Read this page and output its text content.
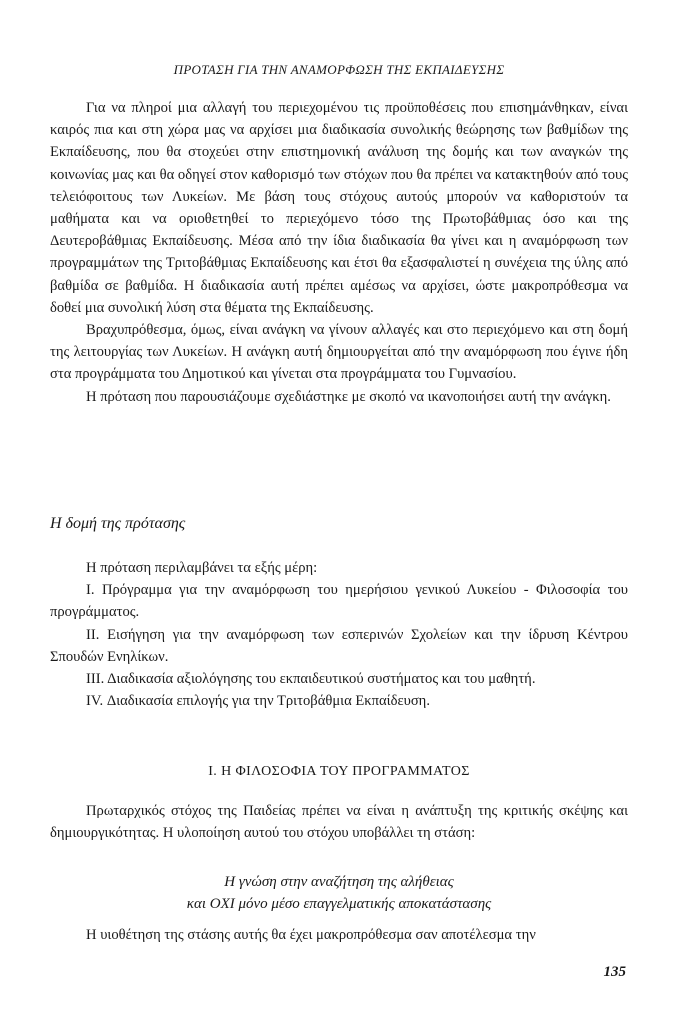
ΠΡΟΤΑΣΗ ΓΙΑ ΤΗΝ ΑΝΑΜΟΡΦΩΣΗ ΤΗΣ ΕΚΠΑΙΔΕΥΣΗΣ

Για να πληροί μια αλλαγή του περιεχομένου τις προϋποθέσεις που επισημάνθηκαν, είναι καιρός πια και στη χώρα μας να αρχίσει μια διαδικασία συνολικής θεώρησης των βαθμίδων της Εκπαίδευσης, που θα στοχεύει στην επιστημονική ανάλυση της δομής και των αναγκών της κοινωνίας μας και θα οδηγεί στον καθορισμό των στόχων που θα πρέπει να κατακτηθούν από τους τελειόφοιτους των Λυκείων. Με βάση τους στόχους αυτούς μπορούν να καθοριστούν τα μαθήματα και να οριοθετηθεί το περιεχόμενο τόσο της Πρωτοβάθμιας όσο και της Δευτεροβάθμιας Εκπαίδευσης. Μέσα από την ίδια διαδικασία θα γίνει και η αναμόρφωση των προγραμμάτων της Τριτοβάθμιας Εκπαίδευσης και έτσι θα εξασφαλιστεί η συνέχεια της ύλης από βαθμίδα σε βαθμίδα. Η διαδικασία αυτή πρέπει αμέσως να αρχίσει, ώστε μακροπρόθεσμα να δοθεί μια συνολική λύση στα θέματα της Εκπαίδευσης.

Βραχυπρόθεσμα, όμως, είναι ανάγκη να γίνουν αλλαγές και στο περιεχόμενο και στη δομή της λειτουργίας των Λυκείων. Η ανάγκη αυτή δημιουργείται από την αναμόρφωση που έγινε ήδη στα προγράμματα του Δημοτικού και γίνεται στα προγράμματα του Γυμνασίου.

Η πρόταση που παρουσιάζουμε σχεδιάστηκε με σκοπό να ικανοποιήσει αυτή την ανάγκη.

Η δομή της πρότασης

Η πρόταση περιλαμβάνει τα εξής μέρη:

Ι. Πρόγραμμα για την αναμόρφωση του ημερήσιου γενικού Λυκείου - Φιλοσοφία του προγράμματος.

ΙΙ. Εισήγηση για την αναμόρφωση των εσπερινών Σχολείων και την ίδρυση Κέντρου Σπουδών Ενηλίκων.

ΙΙΙ. Διαδικασία αξιολόγησης του εκπαιδευτικού συστήματος και του μαθητή.

ΙV. Διαδικασία επιλογής για την Τριτοβάθμια Εκπαίδευση.

Ι. Η ΦΙΛΟΣΟΦΙΑ ΤΟΥ ΠΡΟΓΡΑΜΜΑΤΟΣ

Πρωταρχικός στόχος της Παιδείας πρέπει να είναι η ανάπτυξη της κριτικής σκέψης και δημιουργικότητας. Η υλοποίηση αυτού του στόχου υποβάλλει τη στάση:

Η γνώση στην αναζήτηση της αλήθειας
και ΟΧΙ μόνο μέσο επαγγελματικής αποκατάστασης

Η υιοθέτηση της στάσης αυτής θα έχει μακροπρόθεσμα σαν αποτέλεσμα την

135
